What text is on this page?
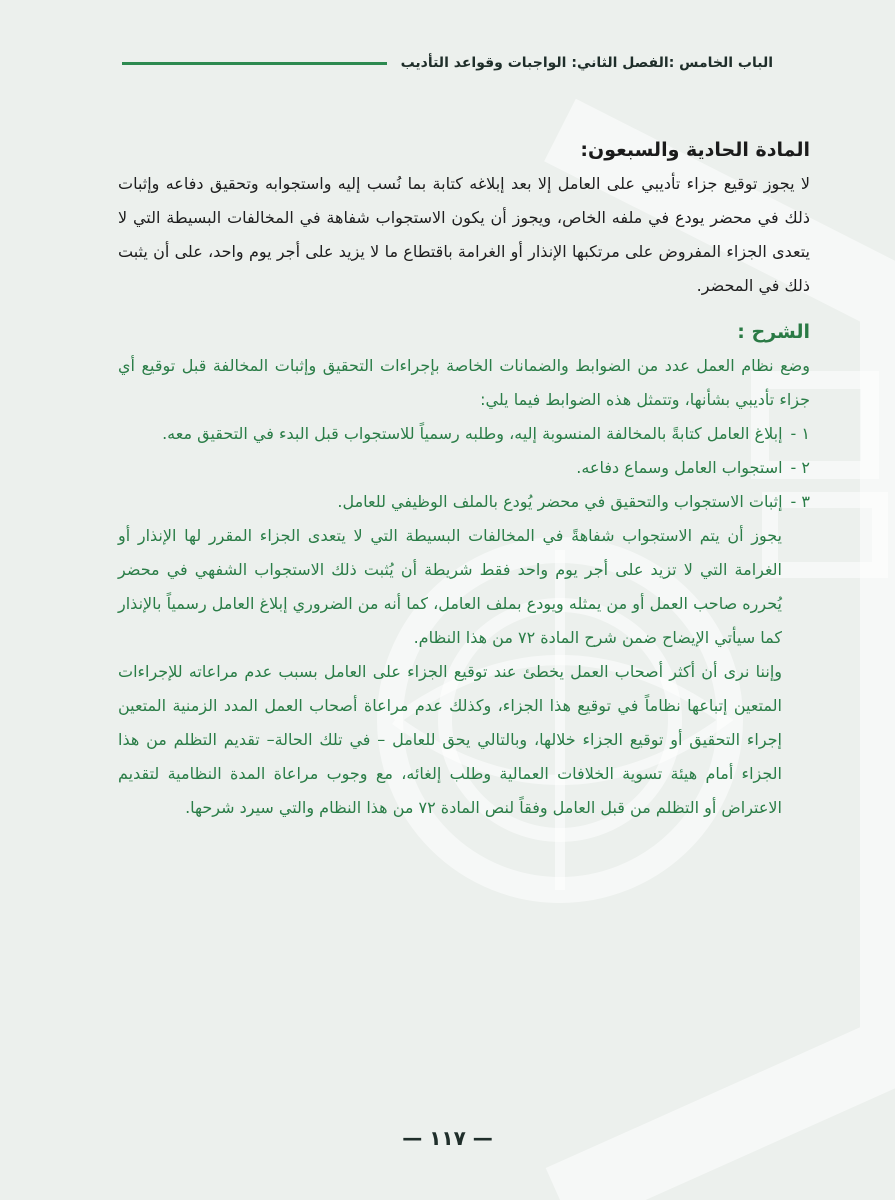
الباب الخامس :الفصل الثاني: الواجبات وقواعد التأديب
المادة الحادية والسبعون:

لا يجوز توقيع جزاء تأديبي على العامل إلا بعد إبلاغه كتابة بما نُسب إليه واستجوابه وتحقيق دفاعه وإثبات ذلك في محضر يودع في ملفه الخاص، ويجوز أن يكون الاستجواب شفاهة في المخالفات البسيطة التي لا يتعدى الجزاء المفروض على مرتكبها الإنذار أو الغرامة باقتطاع ما لا يزيد على أجر يوم واحد، على أن يثبت ذلك في المحضر.

الشرح :

وضع نظام العمل عدد من الضوابط والضمانات الخاصة بإجراءات التحقيق وإثبات المخالفة قبل توقيع أي جزاء تأديبي بشأنها، وتتمثل هذه الضوابط فيما يلي:

١ -
إبلاغ العامل كتابةً بالمخالفة المنسوبة إليه، وطلبه رسمياً للاستجواب قبل البدء في التحقيق معه.
٢ -
استجواب العامل وسماع دفاعه.
٣ -
إثبات الاستجواب والتحقيق في محضر يُودع بالملف الوظيفي للعامل.

يجوز أن يتم الاستجواب شفاهةً في المخالفات البسيطة التي لا يتعدى الجزاء المقرر لها الإنذار أو الغرامة التي لا تزيد على أجر يوم واحد فقط شريطة أن يُثبت ذلك الاستجواب الشفهي في محضر يُحرره صاحب العمل أو من يمثله ويودع بملف العامل، كما أنه من الضروري إبلاغ العامل رسمياً بالإنذار كما سيأتي الإيضاح ضمن شرح المادة ٧٢ من هذا النظام.

وإننا نرى أن أكثر أصحاب العمل يخطئ عند توقيع الجزاء على العامل بسبب عدم مراعاته للإجراءات المتعين إتباعها نظاماً في توقيع هذا الجزاء، وكذلك عدم مراعاة أصحاب العمل المدد الزمنية المتعين إجراء التحقيق أو توقيع الجزاء خلالها، وبالتالي يحق للعامل – في تلك الحالة– تقديم التظلم من هذا الجزاء أمام هيئة تسوية الخلافات العمالية وطلب إلغائه، مع وجوب مراعاة المدة النظامية لتقديم الاعتراض أو التظلم من قبل العامل وفقاً لنص المادة ٧٢ من هذا النظام والتي سيرد شرحها.

— ١١٧ —
